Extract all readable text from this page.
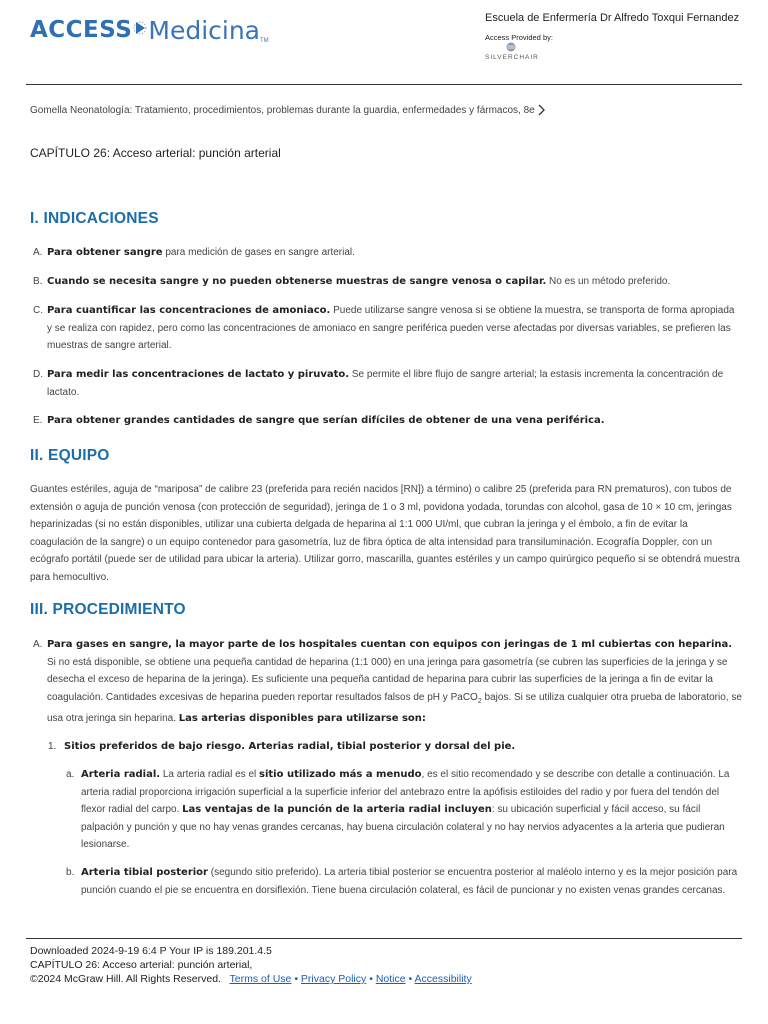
ACCESS Medicina TM
Escuela de Enfermería Dr Alfredo Toxqui Fernandez
Access Provided by:
SILVERCHAIR
Gomella Neonatología: Tratamiento, procedimientos, problemas durante la guardia, enfermedades y fármacos, 8e
CAPÍTULO 26: Acceso arterial: punción arterial
I. INDICACIONES
A. Para obtener sangre para medición de gases en sangre arterial.
B. Cuando se necesita sangre y no pueden obtenerse muestras de sangre venosa o capilar. No es un método preferido.
C. Para cuantificar las concentraciones de amoniaco. Puede utilizarse sangre venosa si se obtiene la muestra, se transporta de forma apropiada y se realiza con rapidez, pero como las concentraciones de amoniaco en sangre periférica pueden verse afectadas por diversas variables, se prefieren las muestras de sangre arterial.
D. Para medir las concentraciones de lactato y piruvato. Se permite el libre flujo de sangre arterial; la estasis incrementa la concentración de lactato.
E. Para obtener grandes cantidades de sangre que serían difíciles de obtener de una vena periférica.
II. EQUIPO
Guantes estériles, aguja de “mariposa” de calibre 23 (preferida para recién nacidos [RN]) a término) o calibre 25 (preferida para RN prematuros), con tubos de extensión o aguja de punción venosa (con protección de seguridad), jeringa de 1 o 3 ml, povidona yodada, torundas con alcohol, gasa de 10 × 10 cm, jeringas heparinizadas (si no están disponibles, utilizar una cubierta delgada de heparina al 1:1 000 UI/ml, que cubran la jeringa y el émbolo, a fin de evitar la coagulación de la sangre) o un equipo contenedor para gasometría, luz de fibra óptica de alta intensidad para transiluminación. Ecografía Doppler, con un ecógrafo portátil (puede ser de utilidad para ubicar la arteria). Utilizar gorro, mascarilla, guantes estériles y un campo quirúrgico pequeño si se obtendrá muestra para hemocultivo.
III. PROCEDIMIENTO
A. Para gases en sangre, la mayor parte de los hospitales cuentan con equipos con jeringas de 1 ml cubiertas con heparina. Si no está disponible, se obtiene una pequeña cantidad de heparina (1:1 000) en una jeringa para gasometría (se cubren las superficies de la jeringa y se desecha el exceso de heparina de la jeringa). Es suficiente una pequeña cantidad de heparina para cubrir las superficies de la jeringa a fin de evitar la coagulación. Cantidades excesivas de heparina pueden reportar resultados falsos de pH y PaCO$_2$ bajos. Si se utiliza cualquier otra prueba de laboratorio, se usa otra jeringa sin heparina. Las arterias disponibles para utilizarse son:
1. Sitios preferidos de bajo riesgo. Arterias radial, tibial posterior y dorsal del pie.
a. Arteria radial. La arteria radial es el sitio utilizado más a menudo, es el sitio recomendado y se describe con detalle a continuación. La arteria radial proporciona irrigación superficial a la superficie inferior del antebrazo entre la apófisis estiloides del radio y por fuera del tendón del flexor radial del carpo. Las ventajas de la punción de la arteria radial incluyen: su ubicación superficial y fácil acceso, su fácil palpación y punción y que no hay venas grandes cercanas, hay buena circulación colateral y no hay nervios adyacentes a la arteria que pudieran lesionarse.
b. Arteria tibial posterior (segundo sitio preferido). La arteria tibial posterior se encuentra posterior al maléolo interno y es la mejor posición para punción cuando el pie se encuentra en dorsiflexión. Tiene buena circulación colateral, es fácil de puncionar y no existen venas grandes cercanas.
Downloaded 2024-9-19 6:4 P Your IP is 189.201.4.5
CAPÍTULO 26: Acceso arterial: punción arterial,
©2024 McGraw Hill. All Rights Reserved. Terms of Use • Privacy Policy • Notice • Accessibility
